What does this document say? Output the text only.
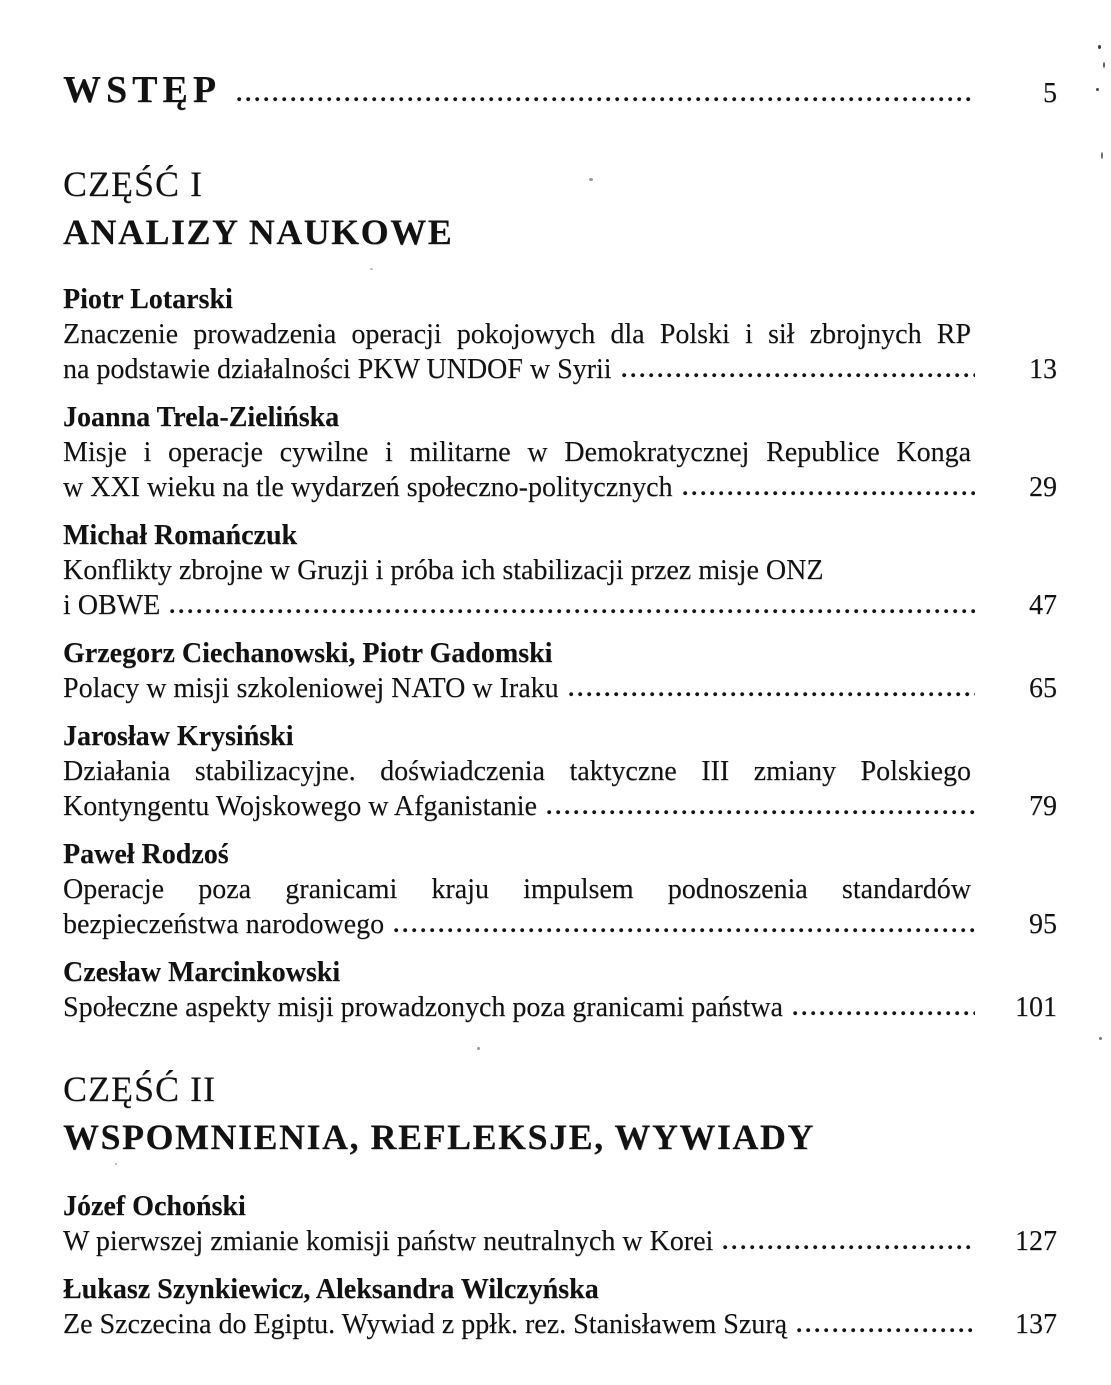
WSTĘP	5
CZĘŚĆ I
ANALIZY NAUKOWE
Piotr Lotarski
Znaczenie prowadzenia operacji pokojowych dla Polski i sił zbrojnych RP
na podstawie działalności PKW UNDOF w Syrii	13
Joanna Trela-Zielińska
Misje i operacje cywilne i militarne w Demokratycznej Republice Konga
w XXI wieku na tle wydarzeń społeczno-politycznych	29
Michał Romańczuk
Konflikty zbrojne w Gruzji i próba ich stabilizacji przez misje ONZ
i OBWE	47
Grzegorz Ciechanowski, Piotr Gadomski
Polacy w misji szkoleniowej NATO w Iraku	65
Jarosław Krysiński
Działania stabilizacyjne. doświadczenia taktyczne III zmiany Polskiego
Kontyngentu Wojskowego w Afganistanie	79
Paweł Rodzoś
Operacje poza granicami kraju impulsem podnoszenia standardów
bezpieczeństwa narodowego	95
Czesław Marcinkowski
Społeczne aspekty misji prowadzonych poza granicami państwa	101
CZĘŚĆ II
WSPOMNIENIA, REFLEKSJE, WYWIADY
Józef Ochoński
W pierwszej zmianie komisji państw neutralnych w Korei	127
Łukasz Szynkiewicz, Aleksandra Wilczyńska
Ze Szczecina do Egiptu. Wywiad z ppłk. rez. Stanisławem Szurą	137
